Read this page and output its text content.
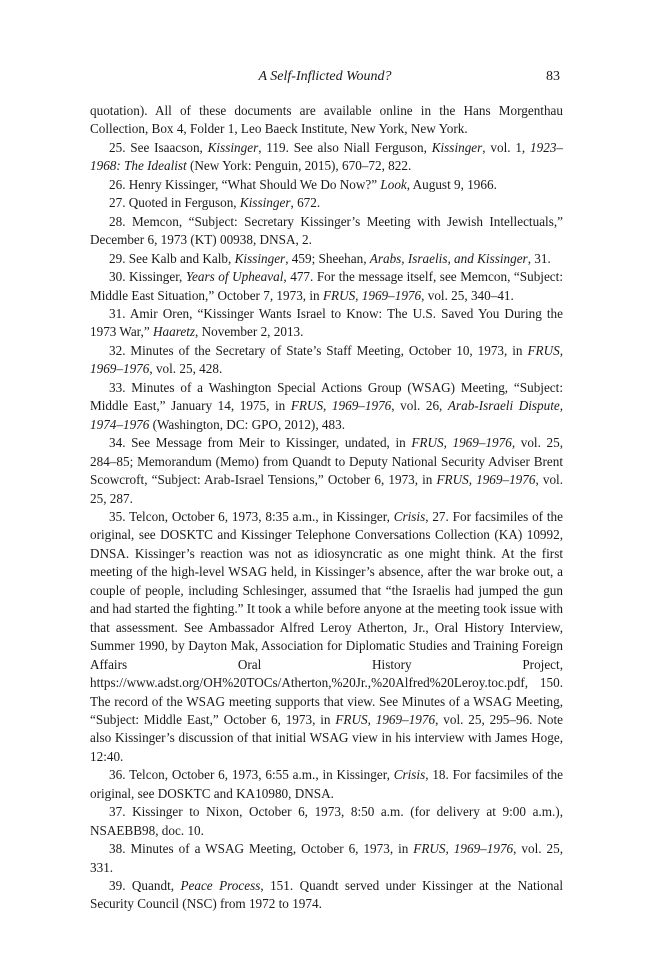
A Self-Inflicted Wound?	83

quotation). All of these documents are available online in the Hans Morgenthau Collection, Box 4, Folder 1, Leo Baeck Institute, New York, New York.

25. See Isaacson, Kissinger, 119. See also Niall Ferguson, Kissinger, vol. 1, 1923–1968: The Idealist (New York: Penguin, 2015), 670–72, 822.

26. Henry Kissinger, “What Should We Do Now?” Look, August 9, 1966.

27. Quoted in Ferguson, Kissinger, 672.

28. Memcon, “Subject: Secretary Kissinger’s Meeting with Jewish Intellectuals,” December 6, 1973 (KT) 00938, DNSA, 2.

29. See Kalb and Kalb, Kissinger, 459; Sheehan, Arabs, Israelis, and Kissinger, 31.

30. Kissinger, Years of Upheaval, 477. For the message itself, see Memcon, “Subject: Middle East Situation,” October 7, 1973, in FRUS, 1969–1976, vol. 25, 340–41.

31. Amir Oren, “Kissinger Wants Israel to Know: The U.S. Saved You During the 1973 War,” Haaretz, November 2, 2013.

32. Minutes of the Secretary of State’s Staff Meeting, October 10, 1973, in FRUS, 1969–1976, vol. 25, 428.

33. Minutes of a Washington Special Actions Group (WSAG) Meeting, “Subject: Middle East,” January 14, 1975, in FRUS, 1969–1976, vol. 26, Arab-Israeli Dispute, 1974–1976 (Washington, DC: GPO, 2012), 483.

34. See Message from Meir to Kissinger, undated, in FRUS, 1969–1976, vol. 25, 284–85; Memorandum (Memo) from Quandt to Deputy National Security Adviser Brent Scowcroft, “Subject: Arab-Israel Tensions,” October 6, 1973, in FRUS, 1969–1976, vol. 25, 287.

35. Telcon, October 6, 1973, 8:35 a.m., in Kissinger, Crisis, 27. For facsimiles of the original, see DOSKTC and Kissinger Telephone Conversations Collection (KA) 10992, DNSA. Kissinger’s reaction was not as idiosyncratic as one might think. At the first meeting of the high-level WSAG held, in Kissinger’s absence, after the war broke out, a couple of people, including Schlesinger, assumed that “the Israelis had jumped the gun and had started the fighting.” It took a while before anyone at the meeting took issue with that assessment. See Ambassador Alfred Leroy Atherton, Jr., Oral History Interview, Summer 1990, by Dayton Mak, Association for Diplomatic Studies and Training Foreign Affairs Oral History Project, https://www.adst.org/OH%20TOCs/Atherton,%20Jr.,%20Alfred%20Leroy.toc.pdf, 150. The record of the WSAG meeting supports that view. See Minutes of a WSAG Meeting, “Subject: Middle East,” October 6, 1973, in FRUS, 1969–1976, vol. 25, 295–96. Note also Kissinger’s discussion of that initial WSAG view in his interview with James Hoge, 12:40.

36. Telcon, October 6, 1973, 6:55 a.m., in Kissinger, Crisis, 18. For facsimiles of the original, see DOSKTC and KA10980, DNSA.

37. Kissinger to Nixon, October 6, 1973, 8:50 a.m. (for delivery at 9:00 a.m.), NSAEBB98, doc. 10.

38. Minutes of a WSAG Meeting, October 6, 1973, in FRUS, 1969–1976, vol. 25, 331.

39. Quandt, Peace Process, 151. Quandt served under Kissinger at the National Security Council (NSC) from 1972 to 1974.
